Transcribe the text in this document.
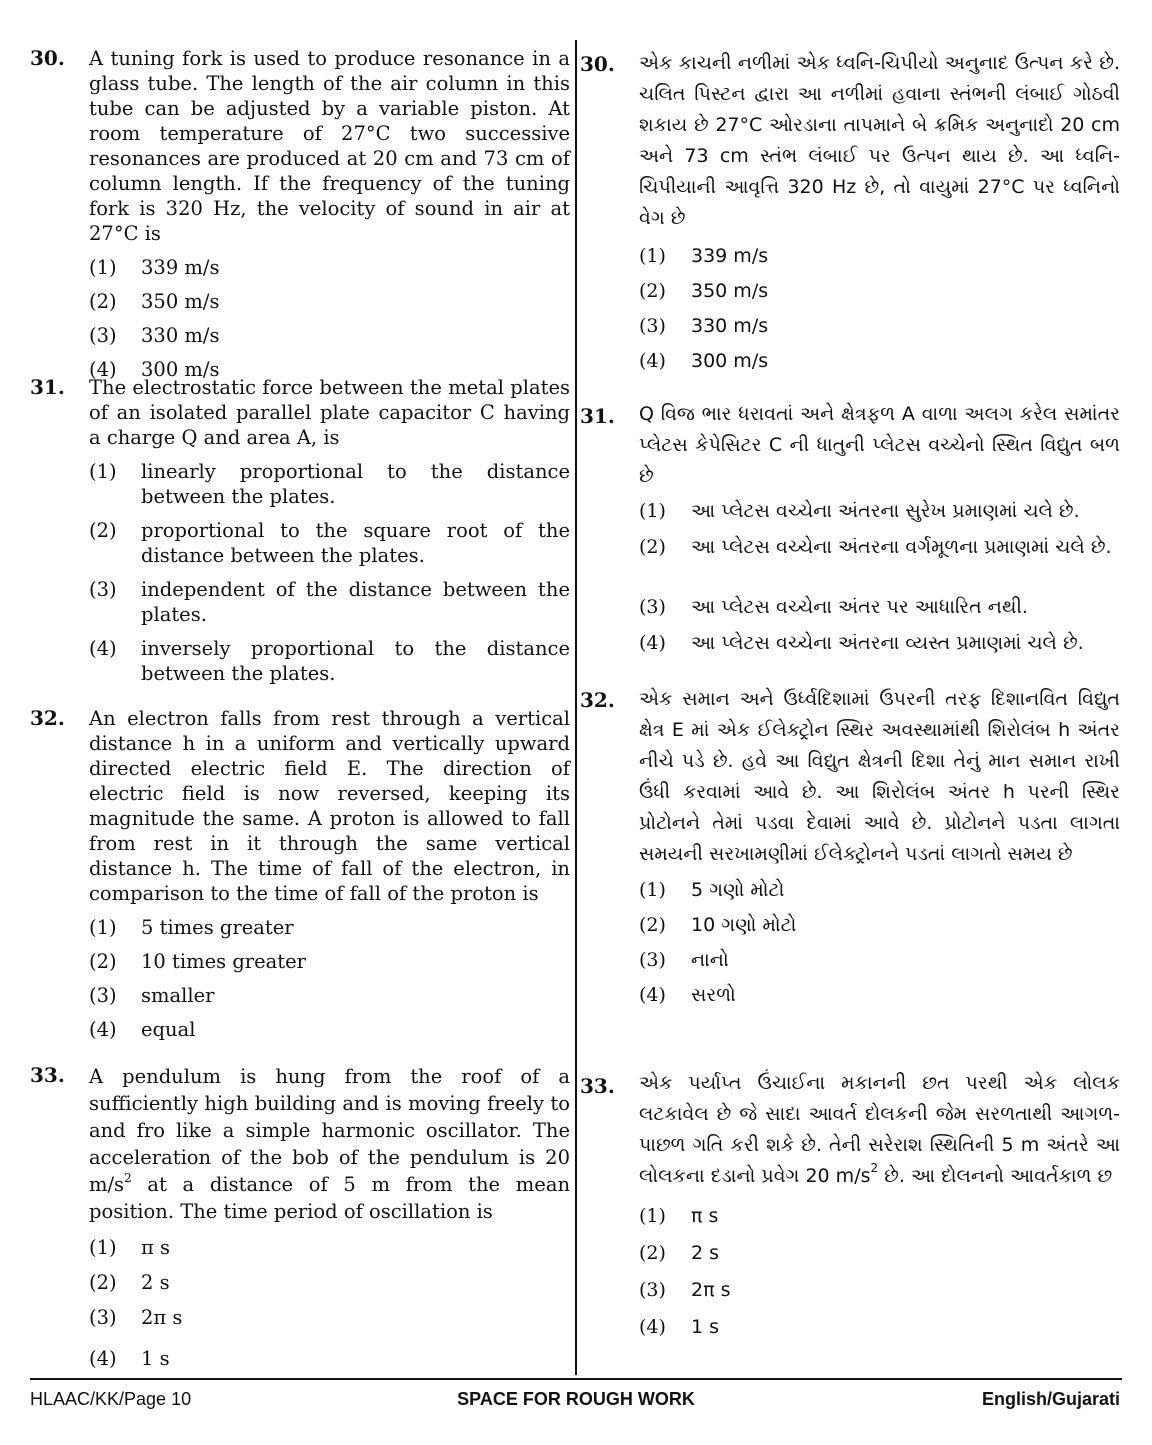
30. A tuning fork is used to produce resonance in a glass tube. The length of the air column in this tube can be adjusted by a variable piston. At room temperature of 27°C two successive resonances are produced at 20 cm and 73 cm of column length. If the frequency of the tuning fork is 320 Hz, the velocity of sound in air at 27°C is
(1)	339 m/s
(2)	350 m/s
(3)	330 m/s
(4)	300 m/s
31. The electrostatic force between the metal plates of an isolated parallel plate capacitor C having a charge Q and area A, is
(1)	linearly proportional to the distance between the plates.
(2)	proportional to the square root of the distance between the plates.
(3)	independent of the distance between the plates.
(4)	inversely proportional to the distance between the plates.
32. An electron falls from rest through a vertical distance h in a uniform and vertically upward directed electric field E. The direction of electric field is now reversed, keeping its magnitude the same. A proton is allowed to fall from rest in it through the same vertical distance h. The time of fall of the electron, in comparison to the time of fall of the proton is
(1)	5 times greater
(2)	10 times greater
(3)	smaller
(4)	equal
33. A pendulum is hung from the roof of a sufficiently high building and is moving freely to and fro like a simple harmonic oscillator. The acceleration of the bob of the pendulum is 20 $m/s^2$ at a distance of 5 m from the mean position. The time period of oscillation is
(1)	π s
(2)	2 s
(3)	2π s
(4)	1 s
30. એક કાચની નળીમાં એક ધ્વનિ-ચિપીયો અનુનાદ ઉત્પન કરે છે. ચલિત પિસ્ટન દ્વારા આ નળીમાં હવાના સ્તંભની લંબાઈ ગોઠવી શકાય છે 27°C ઓરડાના તાપમાને બે ક્રમિક અનુનાદો 20 cm અને 73 cm સ્તંભ લંબાઈ પર ઉત્પન થાય છે. આ ધ્વનિ-ચિપીયાની આવૃત્તિ 320 Hz છે, તો વાયુમાં 27°C પર ધ્વનિનો વેગ છે
(1)	339 m/s
(2)	350 m/s
(3)	330 m/s
(4)	300 m/s
31. Q વિજ ભાર ધરાવતાં અને ક્ષેત્રફળ A વાળા અલગ કરેલ સમાંતર પ્લેટસ કેપેસિટર C ની ધાતુની પ્લેટસ વચ્ચેનો સ્થિત વિદ્યુત બળ છે
(1)	આ પ્લેટસ વચ્ચેના અંતરના સુરેખ પ્રમાણમાં ચલે છે.
(2)	આ પ્લેટસ વચ્ચેના અંતરના વર્ગમૂળના પ્રમાણમાં ચલે છે.
(3)	આ પ્લેટસ વચ્ચેના અંતર પર આધારિત નથી.
(4)	આ પ્લેટસ વચ્ચેના અંતરના વ્યસ્ત પ્રમાણમાં ચલે છે.
32. એક સમાન અને ઉર્ધ્વદિશામાં ઉપરની તરફ દિશાનવિત વિદ્યુત ક્ષેત્ર E માં એક ઈલેક્ટ્રોન સ્થિર અવસ્થામાંથી શિરોલંબ h અંતર નીચે પડે છે. હવે આ વિદ્યુત ક્ષેત્રની દિશા તેનું માન સમાન રાખી ઉંધી કરવામાં આવે છે. આ શિરોલંબ અંતર h પરની સ્થિર પ્રોટોનને તેમાં પડવા દેવામાં આવે છે. પ્રોટોનને પડતા લાગતા સમયની સરખામણીમાં ઈલેક્ટ્રોનને પડતાં લાગતો સમય છે
(1)	5 ગણો મોટો
(2)	10 ગણો મોટો
(3)	નાનો
(4)	સરળો
33. એક પર્યાપ્ત ઉંચાઈના મકાનની છત પરથી એક લોલક લટકાવેલ છે જે સાદા આવર્ત દોલકની જેમ સરળતાથી આગળ-પાછળ ગતિ કરી શકે છે. તેની સરેરાશ સ્થિતિની 5 m અંતરે આ લોલકના દડાનો પ્રવેગ 20 $m/s^2$ છે. આ દોલનનો આવર્તકાળ છ
(1)	π s
(2)	2 s
(3)	2π s
(4)	1 s
HLAAC/KK/Page 10	SPACE FOR ROUGH WORK	English/Gujarati
